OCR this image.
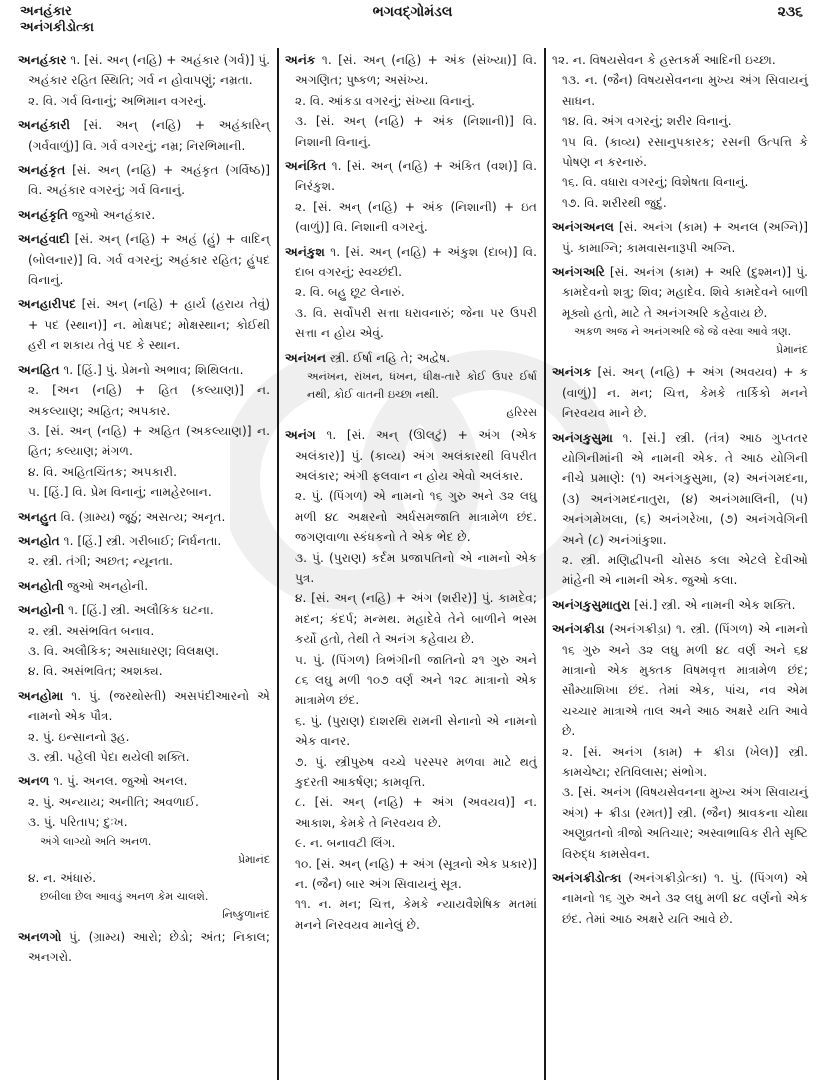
અનહંકાર
અનંગકીડોત્કા
ભગવદ્ગોમંડલ	૨૩૬
અનહંકાર ૧. [સં. અન્ (નહિ) + અહંકાર (ગર્વ)] પું. અહંકાર રહિત સ્થિતિ; ગર્વ ન હોવાપણું; નમ્રતા.
૨. વિ. ગર્વ વિનાનું; અભિમાન વગરનું.
અનહંકારી [સં. અન્ (નહિ) + અહંકારિન્ (ગર્વવાળું)] વિ. ગર્વ વગરનું; નમ્ર; નિરભિમાની.
અનહંકૃત [સં. અન્ (નહિ) + અહંકૃત (ગર્વિષ્ઠ)] વિ. અહંકાર વગરનું; ગર્વ વિનાનું.
અનહંકૃતિ જુઓ અનહંકાર.
અનહંવાદી [સં. અન્ (નહિ) + અહં (હું) + વાદિન્ (બોલનાર)] વિ. ગર્વ વગરનું; અહંકાર રહિત; હુંપદ વિનાનું.
અનહારીપદ [સં. અન્ (નહિ) + હાર્ય (હરાય તેવું) + પદ (સ્થાન)] ન. મોક્ષપદ; મોક્ષસ્થાન; કોઈથી હરી ન શકાય તેવું પદ કે સ્થાન.
અનહિત ૧. [હિં.] પું. પ્રેમનો અભાવ; શિથિલતા.
૨. [અન (નહિ) + હિત (કલ્યાણ)] ન. અકલ્યાણ; અહિત; અપકાર.
૩. [સં. અન્ (નહિ) + અહિત (અકલ્યાણ)] ન. હિત; કલ્યાણ; મંગળ.
૪. વિ. અહિતચિંતક; અપકારી.
૫. [હિં.] વિ. પ્રેમ વિનાનું; નામહેરબાન.
અનહુત વિ. (ગ્રામ્ય) જૂઠું; અસત્ય; અનૃત.
અનહોત ૧. [હિં.] સ્ત્રી. ગરીબાઈ; નિર્ધનતા.
૨. સ્ત્રી. તંગી; અછત; ન્યૂનતા.
અનહોતી જુઓ અનહોની.
અનહોની ૧. [હિં.] સ્ત્રી. અલૌકિક ઘટના.
૨. સ્ત્રી. અસંભવિત બનાવ.
૩. વિ. અલૌકિક; અસાધારણ; વિલક્ષણ.
૪. વિ. અસંભવિત; અશક્ય.
અનહોમા ૧. પું. (જરથોસ્તી) અસપંદીઆરનો એ નામનો એક પૌત્ર.
૨. પું. ઇન્સાનનો રૂહ.
૩. સ્ત્રી. પહેલી પેદા થયેલી શક્તિ.
અનળ ૧. પું. અનલ. જુઓ અનલ.
૨. પું. અન્યાય; અનીતિ; અવળાઈ.
૩. પું. પરિતાપ; દુઃખ.
અંગે લાગ્યો અતિ અનળ.
પ્રેમાનંદ
૪. ન. અંધારું.
છબીલા છેલ આવડું અનળ કેમ ચાલશે.
નિષ્કુળાનંદ
અનળગો પું. (ગ્રામ્ય) આરો; છેડો; અંત; નિકાલ; અનગરો.
અનંક ૧. [સં. અન્ (નહિ) + અંક (સંખ્યા)] વિ. અગણિત; પુષ્કળ; અસંખ્ય.
૨. વિ. આંકડા વગરનું; સંખ્યા વિનાનું.
૩. [સં. અન્ (નહિ) + અંક (નિશાની)] વિ. નિશાની વિનાનું.
અનંકિત ૧. [સં. અન્ (નહિ) + અંકિત (વશ)] વિ. નિરંકુશ.
૨. [સં. અન્ (નહિ) + અંક (નિશાની) + ઇત (વાળું)] વિ. નિશાની વગરનું.
અનંકુશ ૧. [સં. અન્ (નહિ) + અંકુશ (દાબ)] વિ. દાબ વગરનું; સ્વચ્છંદી.
૨. વિ. બહુ છૂટ લેનારું.
૩. વિ. સર્વોપરી સત્તા ધરાવનારું; જેના પર ઉપરી સત્તા ન હોય એવું.
અનંખન સ્ત્રી. ઈર્ષા નહિ તે; અદ્વેષ.
અનંખન, રાંખન, ધંખન, ધીક્ષ-તારે કોઈ ઉપર ઈર્ષા નથી, કોઈ વાતની ઇચ્છા નથી.
હરિરસ
અનંગ ૧. [સં. અન્ (ઊલટું) + અંગ (એક અલંકાર)] પું. (કાવ્ય) અંગ અલંકારથી વિપરીત અલંકાર; અંગી ફલવાન ન હોય એવો અલંકાર.
૨. પું. (પિંગળ) એ નામનો ૧૬ ગુરુ અને ૩૨ લઘુ મળી ૪૮ અક્ષરનો અર્ધસમજાતિ માત્રામેળ છંદ. જગણવાળા સ્કંધકનો તે એક ભેદ છે.
૩. પું. (પુરાણ) કર્દમ પ્રજાપતિનો એ નામનો એક પુત્ર.
૪. [સં. અન્ (નહિ) + અંગ (શરીર)] પું. કામદેવ; મદન; કંદર્પ; મન્મથ. મહાદેવે તેને બાળીને ભસ્મ કર્યો હતો, તેથી તે અનંગ કહેવાય છે.
૫. પું. (પિંગળ) ત્રિભંગીની જાતિનો ૨૧ ગુરુ અને ૮૬ લઘુ મળી ૧૦૭ વર્ણ અને ૧૨૮ માત્રાનો એક માત્રામેળ છંદ.
૬. પું. (પુરાણ) દાશરથિ રામની સેનાનો એ નામનો એક વાનર.
૭. પું. સ્ત્રીપુરુષ વચ્ચે પરસ્પર મળવા માટે થતું કુદરતી આકર્ષણ; કામવૃત્તિ.
૮. [સં. અન્ (નહિ) + અંગ (અવયવ)] ન. આકાશ, કેમકે તે નિરવયવ છે.
૯. ન. બનાવટી લિંગ.
૧૦. [સં. અન્ (નહિ) + અંગ (સૂત્રનો એક પ્રકાર)] ન. (જૈન) બાર અંગ સિવાયનું સૂત્ર.
૧૧. ન. મન; ચિત્ત, કેમકે ન્યાયવૈશેષિક મતમાં મનને નિરવયવ માનેલું છે.
૧૨. ન. વિષયસેવન કે હસ્તકર્મ આદિની ઇચ્છા.
૧૩. ન. (જૈન) વિષયસેવનના મુખ્ય અંગ સિવાયનું સાધન.
૧૪. વિ. અંગ વગરનું; શરીર વિનાનું.
૧૫ વિ. (કાવ્ય) રસાનુપકારક; રસની ઉત્પત્તિ કે પોષણ ન કરનારું.
૧૬. વિ. વધારા વગરનું; વિશેષતા વિનાનું.
૧૭. વિ. શરીરથી જુદું.
અનંગઅનલ [સં. અનંગ (કામ) + અનલ (અગ્નિ)] પું. કામાગ્નિ; કામવાસનારૂપી અગ્નિ.
અનંગઅરિ [સં. અનંગ (કામ) + અરિ (દુશ્મન)] પું. કામદેવનો શત્રુ; શિવ; મહાદેવ. શિવે કામદેવને બાળી મૂક્યો હતો, માટે તે અનંગઅરિ કહેવાય છે.
અકળ અજ ને અનંગઅરિ જે જે વસ્વા આવે ત્રણ.
પ્રેમાનંદ
અનંગક [સં. અન્ (નહિ) + અંગ (અવયવ) + ક (વાળું)] ન. મન; ચિત્ત, કેમકે તાર્કિકો મનને નિરવયવ માને છે.
અનંગકુસુમા ૧. [સં.] સ્ત્રી. (તંત્ર) આઠ ગુપ્તતર યોગિનીમાંની એ નામની એક. તે આઠ યોગિની નીચે પ્રમાણે: (૧) અનંગકુસુમા, (૨) અનંગમદના, (૩) અનંગમદનાતુરા, (૪) અનંગમાલિની, (૫) અનંગમેખલા, (૬) અનંગરેખા, (૭) અનંગવેગિની અને (૮) અનંગાંકુશા.
૨. સ્ત્રી. મણિદ્વીપની ચોસઠ કલા એટલે દેવીઓ માંહેની એ નામની એક. જુઓ કલા.
અનંગકુસુમાતુરા [સં.] સ્ત્રી. એ નામની એક શક્તિ.
અનંગક્રીડા (અનંગક્રીડ઼ા) ૧. સ્ત્રી. (પિંગળ) એ નામનો ૧૬ ગુરુ અને ૩૨ લઘુ મળી ૪૮ વર્ણ અને ૬૪ માત્રાનો એક મુક્તક વિષમવૃત્ત માત્રામેળ છંદ; સૌમ્યાશિખા છંદ. તેમાં એક, પાંચ, નવ એમ ચચ્ચાર માત્રાએ તાલ અને આઠ અક્ષરે યતિ આવે છે.
૨. [સં. અનંગ (કામ) + ક્રીડા (ખેલ)] સ્ત્રી. કામચેષ્ટા; રતિવિલાસ; સંભોગ.
૩. [સં. અનંગ (વિષયસેવનના મુખ્ય અંગ સિવાયનું અંગ) + ક્રીડા (રમત)] સ્ત્રી. (જૈન) શ્રાવકના ચોથા અણુવ્રતનો ત્રીજો અતિચાર; અસ્વાભાવિક રીતે સૃષ્ટિ વિરુદ્ધ કામસેવન.
અનંગક્રીડોત્કા (અનંગક્રીડ઼ોત્કા) ૧. પું. (પિંગળ) એ નામનો ૧૬ ગુરુ અને ૩૨ લઘુ મળી ૪૮ વર્ણનો એક છંદ. તેમાં આઠ અક્ષરે યતિ આવે છે.
